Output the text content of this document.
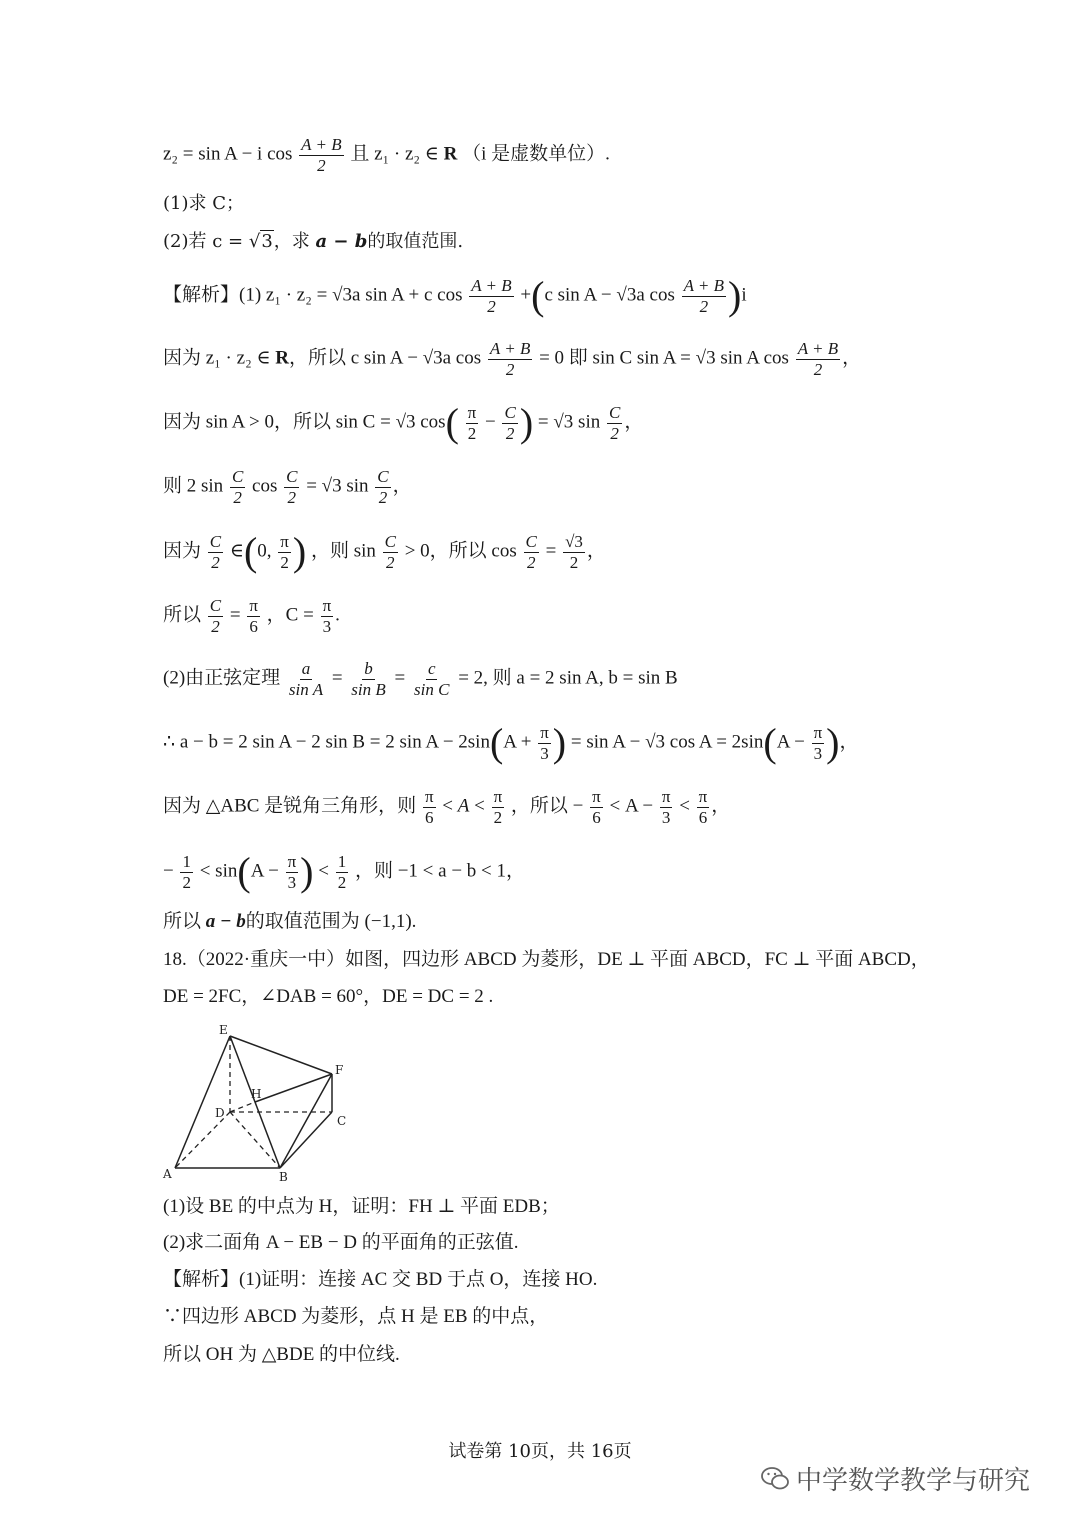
z₂ = sin A − i $\cos \frac{A + B}{2}$ 且 z₁ · z₂ ∈ R （i 是虚数单位）.
(1)求 C；
(2)若 c = √3，求 a − b的取值范围.
【解析】(1) z₁ · z₂ = √3a sin A + c $\cos \frac{A + B}{2} +(c$ sin A − √3a $\cos \frac{A + B}{2} )i$
因为 z₁ · z₂ ∈ R，所以 c sin A − √3a $\cos \frac{A + B}{2} = 0$ 即 sin C sin A = √3 sin A $\cos \frac{A + B}{2}$ ，
因为 sin A > 0，所以 sin C = √3 $\cos( \frac{\pi}{2} - \frac{C}{2}$ ) = √3 $\sin \frac{C}{2}$ ，
则 2 $\sin \frac{C}{2}$ $\cos \frac{C}{2} = √3$ $\sin \frac{C}{2}$ ，
因为 $\frac{C}{2}$ ∈(0, $\frac{\pi}{2}$ ) ，则 $\sin \frac{C}{2} > 0$，所以 $\cos \frac{C}{2} = \frac{√3}{2}$ ，
所以 $\frac{C}{2} = \frac{\pi}{6}$ ，$C = \frac{\pi}{3}$ .
(2)由正弦定理 $\frac{a}{\text{sin A}} = \frac{b}{\text{sin B}} = \frac{c}{\text{sin C}} = 2$, 则 a = 2 sin A, b = sin B
∴ a − b = 2 sin A − 2 sin B = 2 $\sin A - 2\sin(A + \frac{\pi}{3}$ ) = sin A − √3 $\cos A = 2\sin(A - \frac{\pi}{3}$ )，
因为 △ABC 是锐角三角形，则 $\frac{\pi}{6} < A < \frac{\pi}{2}$ ，所以 − $\frac{\pi}{6} < A - \frac{\pi}{3} < \frac{\pi}{6}$ ，
− $\frac{1}{2} < \sin(A - \frac{\pi}{3}$ ) < $\frac{1}{2}$ ，则 −1 < a − b < 1，
所以 a − b的取值范围为 (−1,1).
18.（2022·重庆一中）如图，四边形 ABCD 为菱形，DE ⊥ 平面 ABCD，FC ⊥ 平面 ABCD，
DE = 2FC，∠DAB = 60°，DE = DC = 2 .
E
F
H
D
C
A	B
(1)设 BE 的中点为 H，证明：FH ⊥ 平面 EDB；
(2)求二面角 A − EB − D 的平面角的正弦值.
【解析】(1)证明：连接 AC 交 BD 于点 O，连接 HO.
∵四边形 ABCD 为菱形，点 H 是 EB 的中点，
所以 OH 为 △BDE 的中位线.
试卷第 10页，共 16页
中学数学教学与研究
